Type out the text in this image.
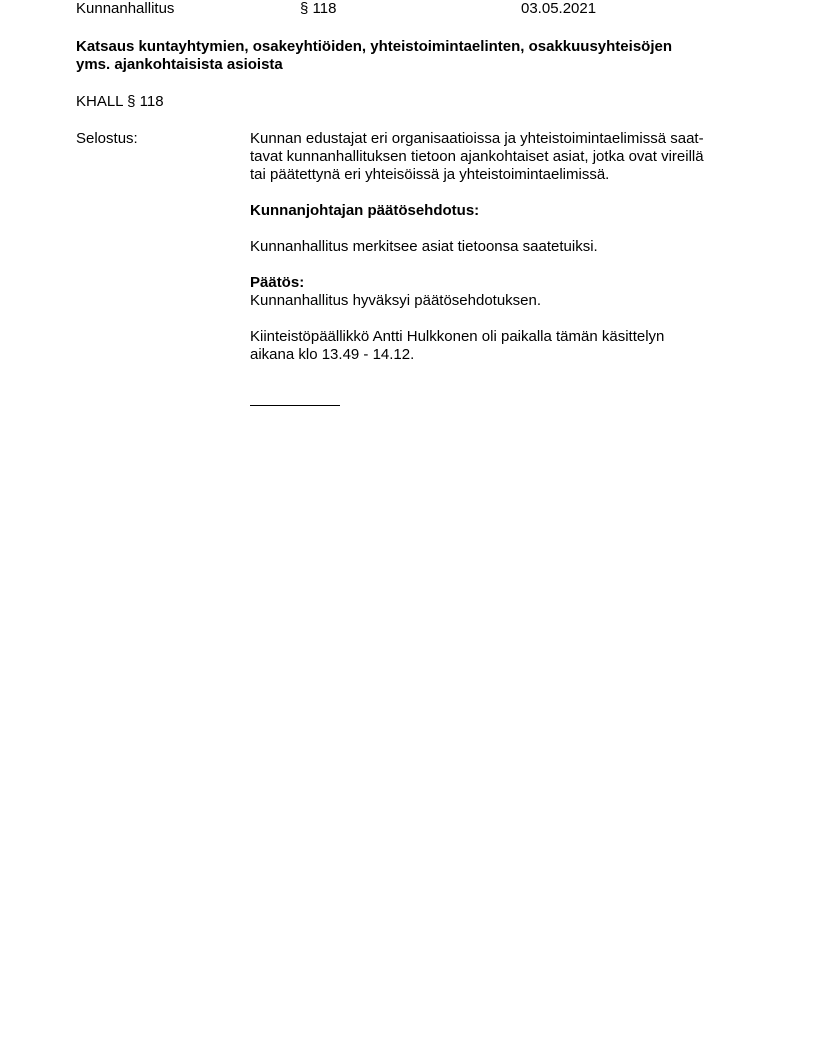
Kunnanhallitus	§ 118	03.05.2021
Katsaus kuntayhtymien, osakeyhtiöiden, yhteistoimintaelinten, osakkuusyhteisöjen
yms. ajankohtaisista asioista
KHALL § 118
Selostus:	Kunnan edustajat eri organisaatioissa ja yhteistoimintaelimissä saat-
tavat kunnanhallituksen tietoon ajankohtaiset asiat, jotka ovat vireillä
tai päätettynä eri yhteisöissä ja yhteistoimintaelimissä.
Kunnanjohtajan päätösehdotus:
Kunnanhallitus merkitsee asiat tietoonsa saatetuiksi.
Päätös:
Kunnanhallitus hyväksyi päätösehdotuksen.
Kiinteistöpäällikkö Antti Hulkkonen oli paikalla tämän käsittelyn
aikana klo 13.49 - 14.12.
